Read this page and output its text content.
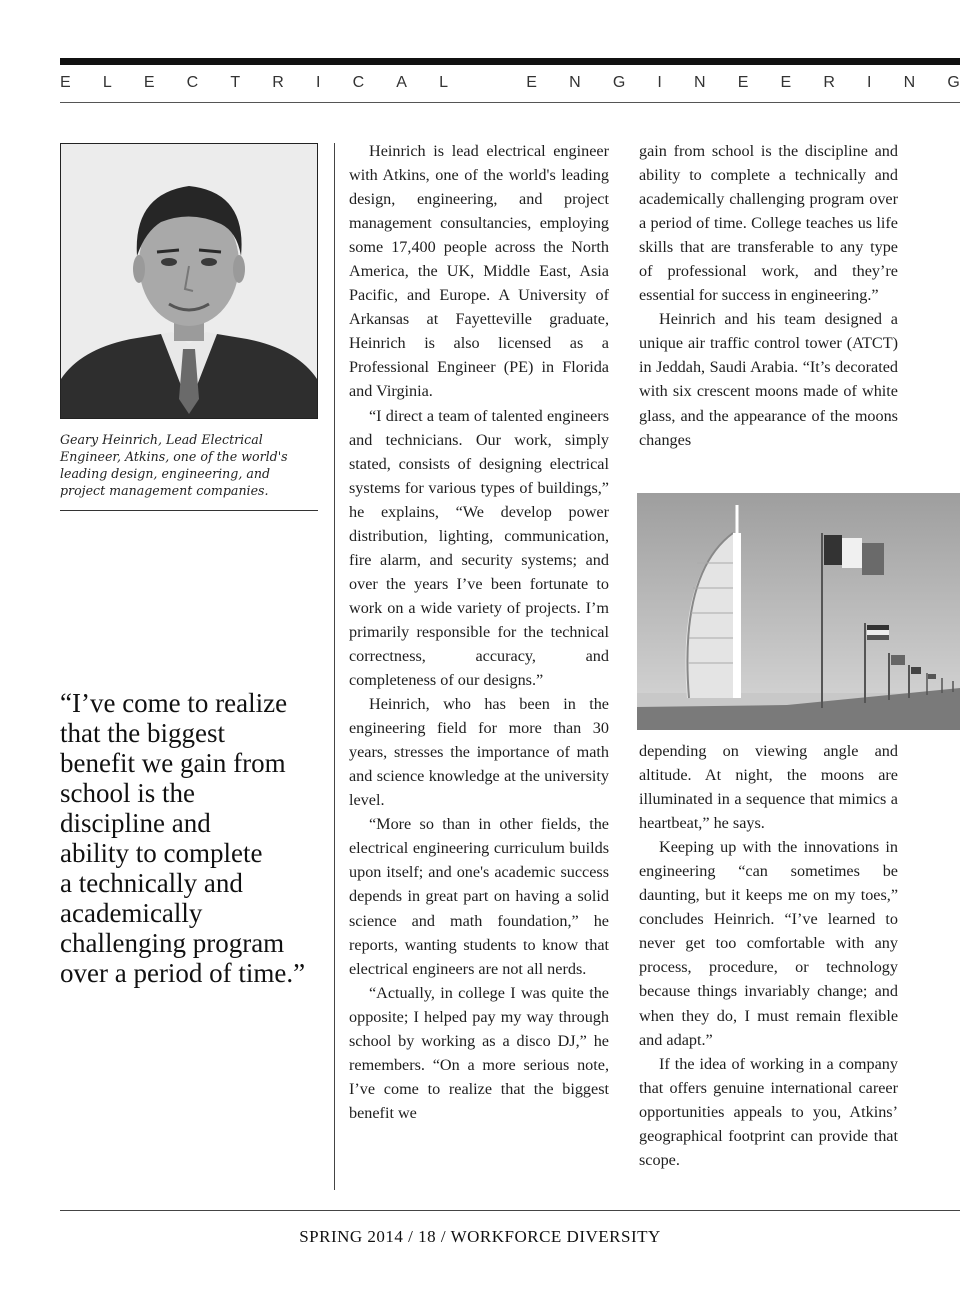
E L E C T R I C A L	E N G I N E E R I N G
Geary Heinrich, Lead Electrical Engineer, Atkins, one of the world's leading design, engineering, and project management companies.
“I’ve come to realize
that the biggest
benefit we gain from
school is the
discipline and
ability to complete
a technically and
academically
challenging program
over a period of time.”

Heinrich is lead electrical engineer with Atkins, one of the world's leading design, engineering, and project management consultancies, employing some 17,400 people across the North America, the UK, Middle East, Asia Pacific, and Europe. A University of Arkansas at Fayetteville graduate, Heinrich is also licensed as a Professional Engineer (PE) in Florida and Virginia.

“I direct a team of talented engineers and technicians. Our work, simply stated, consists of designing electrical systems for various types of buildings,” he explains, “We develop power distribution, lighting, communication, fire alarm, and security systems; and over the years I’ve been fortunate to work on a wide variety of projects. I’m primarily responsible for the technical correctness, accuracy, and completeness of our designs.”

Heinrich, who has been in the engineering field for more than 30 years, stresses the importance of math and science knowledge at the university level.

“More so than in other fields, the electrical engineering curriculum builds upon itself; and one's academic success depends in great part on having a solid science and math foundation,” he reports, wanting students to know that electrical engineers are not all nerds.

“Actually, in college I was quite the opposite; I helped pay my way through school by working as a disco DJ,” he remembers. “On a more serious note, I’ve come to realize that the biggest benefit we

gain from school is the discipline and ability to complete a technically and academically challenging program over a period of time. College teaches us life skills that are transferable to any type of professional work, and they’re essential for success in engineering.”

Heinrich and his team designed a unique air traffic control tower (ATCT) in Jeddah, Saudi Arabia. “It’s decorated with six crescent moons made of white glass, and the appearance of the moons changes

depending on viewing angle and altitude. At night, the moons are illuminated in a sequence that mimics a heartbeat,” he says.

Keeping up with the innovations in engineering “can sometimes be daunting, but it keeps me on my toes,” concludes Heinrich. “I’ve learned to never get too comfortable with any process, procedure, or technology because things invariably change; and when they do, I must remain flexible and adapt.”

If the idea of working in a company that offers genuine international career opportunities appeals to you, Atkins’ geographical footprint can provide that scope.

SPRING 2014 / 18 / WORKFORCE DIVERSITY
